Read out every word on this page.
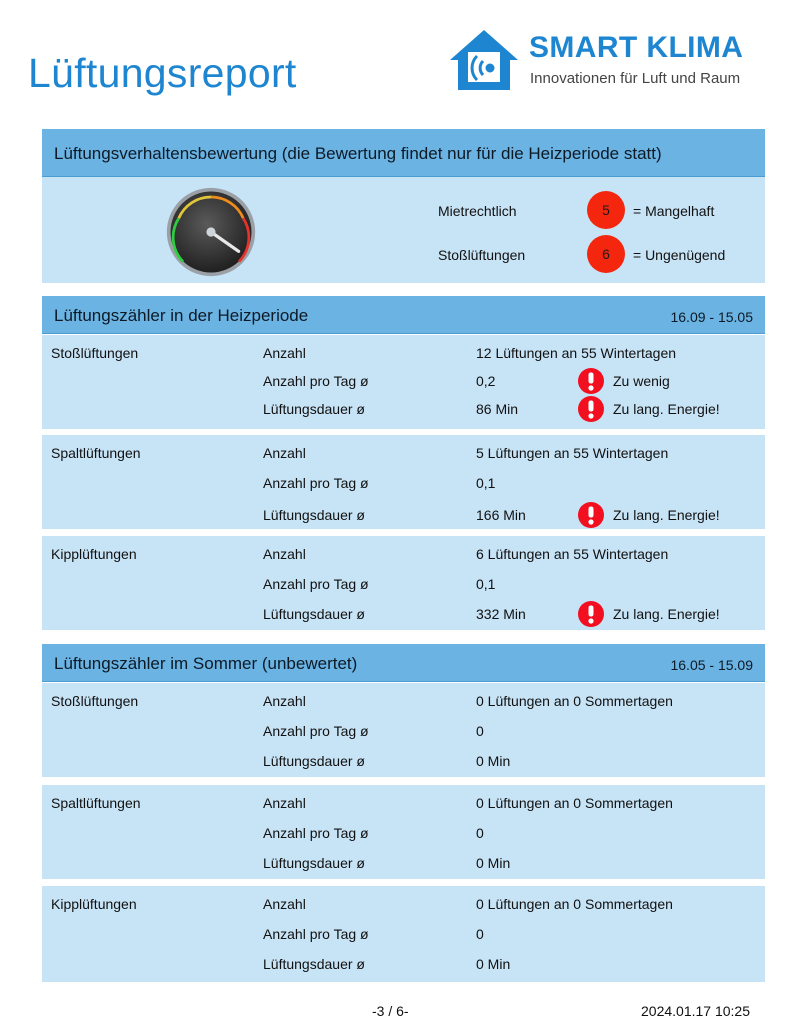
Lüftungsreport
SMART KLIMA
Innovationen für Luft und Raum
Lüftungsverhaltensbewertung (die Bewertung findet nur für die Heizperiode statt)
Mietrechtlich	5	= Mangelhaft
Stoßlüftungen	6	= Ungenügend
Lüftungszähler in der Heizperiode	16.09 - 15.05
Stoßlüftungen	Anzahl	12 Lüftungen an 55 Wintertagen
Anzahl pro Tag ø	0,2	Zu wenig
Lüftungsdauer ø	86 Min	Zu lang. Energie!
Spaltlüftungen	Anzahl	5 Lüftungen an 55 Wintertagen
Anzahl pro Tag ø	0,1
Lüftungsdauer ø	166 Min	Zu lang. Energie!
Kipplüftungen	Anzahl	6 Lüftungen an 55 Wintertagen
Anzahl pro Tag ø	0,1
Lüftungsdauer ø	332 Min	Zu lang. Energie!
Lüftungszähler im Sommer (unbewertet)	16.05 - 15.09
Stoßlüftungen	Anzahl	0 Lüftungen an 0 Sommertagen
Anzahl pro Tag ø	0
Lüftungsdauer ø	0 Min
Spaltlüftungen	Anzahl	0 Lüftungen an 0 Sommertagen
Anzahl pro Tag ø	0
Lüftungsdauer ø	0 Min
Kipplüftungen	Anzahl	0 Lüftungen an 0 Sommertagen
Anzahl pro Tag ø	0
Lüftungsdauer ø	0 Min
-3 / 6-	2024.01.17 10:25
